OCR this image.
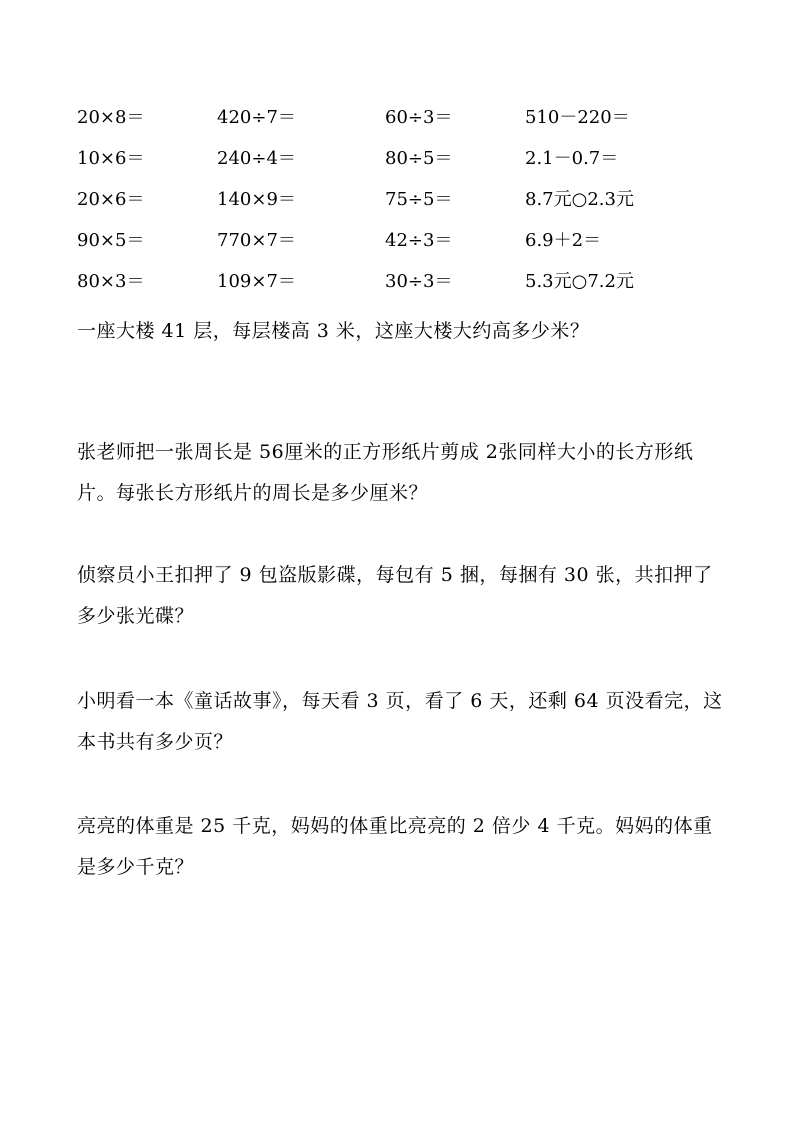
20×8＝	420÷7＝	60÷3＝	510－220＝
10×6＝	240÷4＝	80÷5＝	2.1－0.7＝
20×6＝	140×9＝	75÷5＝	8.7元○2.3元
90×5＝	770×7＝	42÷3＝	6.9＋2＝
80×3＝	109×7＝	30÷3＝	5.3元○7.2元

一座大楼 41 层，每层楼高 3 米，这座大楼大约高多少米？

张老师把一张周长是 56厘米的正方形纸片剪成 2张同样大小的长方形纸片。每张长方形纸片的周长是多少厘米？

侦察员小王扣押了 9 包盗版影碟，每包有 5 捆，每捆有 30 张，共扣押了多少张光碟？

小明看一本《童话故事》，每天看 3 页，看了 6 天，还剩 64 页没看完，这本书共有多少页？

亮亮的体重是 25 千克，妈妈的体重比亮亮的 2 倍少 4 千克。妈妈的体重是多少千克？
